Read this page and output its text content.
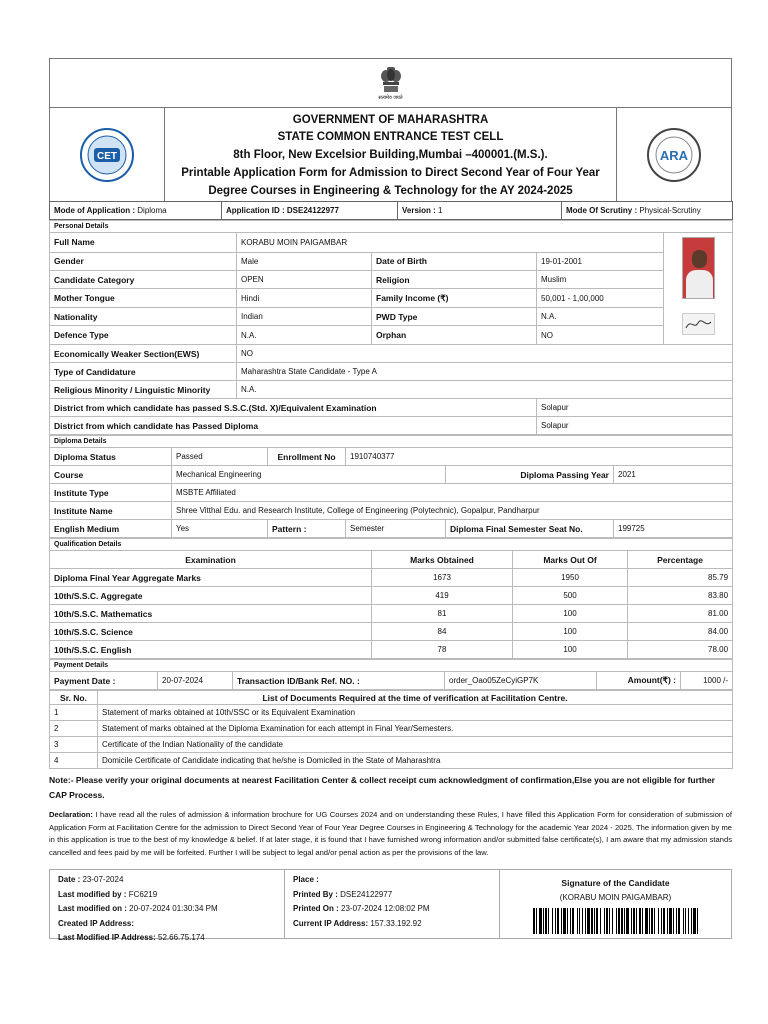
सत्यमेव जयते
CET
GOVERNMENT OF MAHARASHTRA
STATE COMMON ENTRANCE TEST CELL
8th Floor, New Excelsior Building,Mumbai –400001.(M.S.).
Printable Application Form for Admission to Direct Second Year of Four Year
Degree Courses in Engineering & Technology for the AY 2024-2025
ARA
Mode of Application : Diploma	Application ID : DSE24122977	Version : 1	Mode Of Scrutiny : Physical-Scrutiny
Personal Details				
Full Name	KORABU MOIN PAIGAMBAR	

Gender	Male	Date of Birth	19-01-2001	
Candidate Category	OPEN	Religion	Muslim	
Mother Tongue	Hindi	Family Income (₹)	50,001 - 1,00,000	
Nationality	Indian	PWD Type	N.A.	
Defence Type	N.A.	Orphan	NO	
Economically Weaker Section(EWS)	NO			
Type of Candidature	Maharashtra State Candidate - Type A			
Religious Minority / Linguistic Minority	N.A.			
District from which candidate has passed S.S.C.(Std. X)/Equivalent Examination			Solapur	
District from which candidate has Passed Diploma			Solapur	
Diploma Details					
Diploma Status	Passed	Enrollment No	1910740377		
Course	Mechanical Engineering			Diploma Passing Year	2021
Institute Type	MSBTE Affiliated				
Institute Name	Shree Vitthal Edu. and Research Institute, College of Engineering (Polytechnic), Gopalpur, Pandharpur				
English Medium	Yes	Pattern :	Semester	Diploma Final Semester Seat No.	199725
Qualification Details			
Examination	Marks Obtained	Marks Out Of	Percentage
Diploma Final Year Aggregate Marks	1673	1950	85.79
10th/S.S.C. Aggregate	419	500	83.80
10th/S.S.C. Mathematics	81	100	81.00
10th/S.S.C. Science	84	100	84.00
10th/S.S.C. English	78	100	78.00
Payment Details
Payment Date :	20-07-2024	Transaction ID/Bank Ref. NO. :	order_Oao05ZeCyiGP7K	Amount(₹) :	1000 /-
Sr. No.	List of Documents Required at the time of verification at Facilitation Centre.
1	Statement of marks obtained at 10th/SSC or its Equivalent Examination
2	Statement of marks obtained at the Diploma Examination for each attempt in Final Year/Semesters.
3	Certificate of the Indian Nationality of the candidate
4	Domicile Certificate of Candidate indicating that he/she is Domiciled in the State of Maharashtra
Note:- Please verify your original documents at nearest Facilitation Center & collect receipt cum acknowledgment of confirmation,Else you are not eligible for further CAP Process.
Declaration: I have read all the rules of admission & information brochure for UG Courses 2024 and on understanding these Rules, I have filled this Application Form for consideration of submission of Application Form at Facilitation Centre for the admission to Direct Second Year of Four Year Degree Courses in Engineering & Technology for the academic Year 2024 - 2025. The information given by me in this application is true to the best of my knowledge & belief. If at later stage, it is found that I have furnished wrong information and/or submitted false certificate(s), I am aware that my admission stands cancelled and fees paid by me will be forfeited. Further I will be subject to legal and/or penal action as per the provisions of the law.
Date : 23-07-2024
Last modified by : FC6219
Last modified on : 20-07-2024 01:30:34 PM
Created IP Address:
Last Modified IP Address: 52.66.75.174
Place :
Printed By : DSE24122977
Printed On : 23-07-2024 12:08:02 PM
Current IP Address: 157.33.192.92
Signature of the Candidate
(KORABU MOIN PAIGAMBAR)
